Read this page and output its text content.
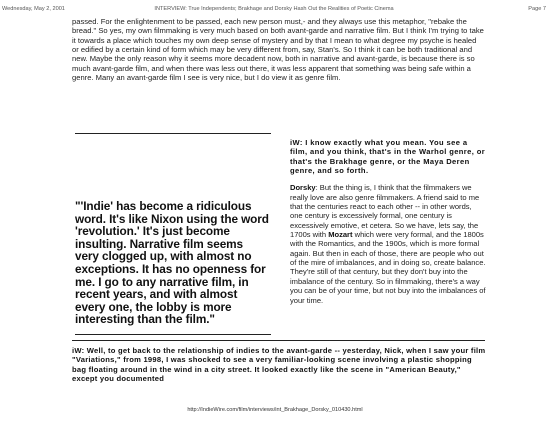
Wednesday, May 2, 2001	INTERVIEW: True Independents; Brakhage and Dorsky Hash Out the Realities of Poetic Cinema	Page 7

passed. For the enlightenment to be passed, each new person must,- and they always use this metaphor, "rebake the bread." So yes, my own filmmaking is very much based on both avant-garde and narrative film. But I think I'm trying to take it towards a place which touches my own deep sense of mystery and by that I mean to what degree my psyche is healed or edified by a certain kind of form which may be very different from, say, Stan's. So I think it can be both traditional and new. Maybe the only reason why it seems more decadent now, both in narrative and avant-garde, is because there is so much avant-garde film, and when there was less out there, it was less apparent that something was being safe within a genre. Many an avant-garde film I see is very nice, but I do view it as genre film.

"'Indie' has become a ridiculous word. It's like Nixon using the word 'revolution.' It's just become insulting. Narrative film seems very clogged up, with almost no exceptions. It has no openness for me. I go to any narrative film, in recent years, and with almost every one, the lobby is more interesting than the film."

iW: I know exactly what you mean. You see a film, and you think, that's in the Warhol genre, or that's the Brakhage genre, or the Maya Deren genre, and so forth.

Dorsky: But the thing is, I think that the filmmakers we really love are also genre filmmakers. A friend said to me that the centuries react to each other -- in other words, one century is excessively formal, one century is excessively emotive, et cetera. So we have, lets say, the 1700s with Mozart which were very formal, and the 1800s with the Romantics, and the 1900s, which is more formal again. But then in each of those, there are people who out of the mire of imbalances, and in doing so, create balance. They're still of that century, but they don't buy into the imbalance of the century. So in filmmaking, there's a way you can be of your time, but not buy into the imbalances of your time.

iW: Well, to get back to the relationship of indies to the avant-garde -- yesterday, Nick, when I saw your film "Variations," from 1998, I was shocked to see a very familiar-looking scene involving a plastic shopping bag floating around in the wind in a city street. It looked exactly like the scene in "American Beauty," except you documented

http://IndieWire.com/film/interviews/int_Brakhage_Dorsky_010430.html
